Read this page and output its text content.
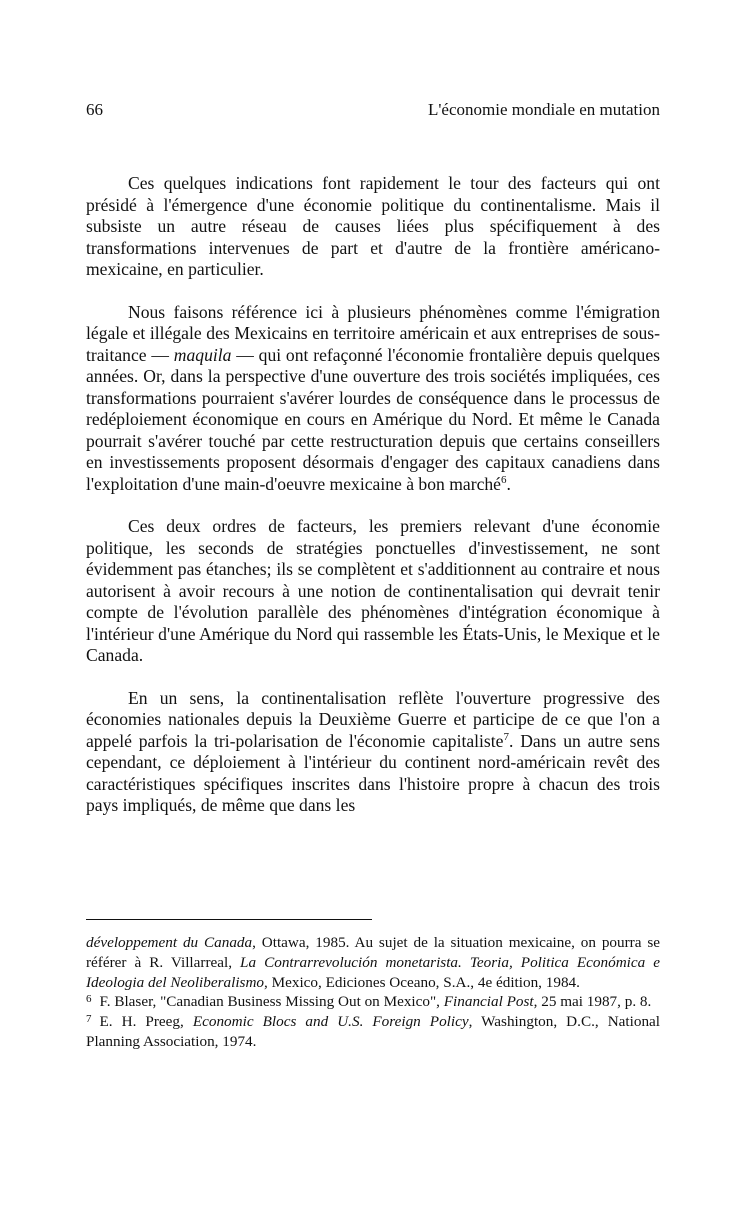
66	L'économie mondiale en mutation

Ces quelques indications font rapidement le tour des facteurs qui ont présidé à l'émergence d'une économie politique du continentalisme. Mais il subsiste un autre réseau de causes liées plus spécifiquement à des transformations intervenues de part et d'autre de la frontière américano-mexicaine, en particulier.

Nous faisons référence ici à plusieurs phénomènes comme l'émigration légale et illégale des Mexicains en territoire américain et aux entreprises de sous-traitance — maquila — qui ont refaçonné l'économie frontalière depuis quelques années. Or, dans la perspective d'une ouverture des trois sociétés impliquées, ces transformations pourraient s'avérer lourdes de conséquence dans le processus de redéploiement économique en cours en Amérique du Nord. Et même le Canada pourrait s'avérer touché par cette restructuration depuis que certains conseillers en investissements proposent désormais d'engager des capitaux canadiens dans l'exploitation d'une main-d'oeuvre mexicaine à bon marché$^6$.

Ces deux ordres de facteurs, les premiers relevant d'une économie politique, les seconds de stratégies ponctuelles d'investissement, ne sont évidemment pas étanches; ils se complètent et s'additionnent au contraire et nous autorisent à avoir recours à une notion de continentalisation qui devrait tenir compte de l'évolution parallèle des phénomènes d'intégration économique à l'intérieur d'une Amérique du Nord qui rassemble les États-Unis, le Mexique et le Canada.

En un sens, la continentalisation reflète l'ouverture progressive des économies nationales depuis la Deuxième Guerre et participe de ce que l'on a appelé parfois la tri-polarisation de l'économie capitaliste$^7$. Dans un autre sens cependant, ce déploiement à l'intérieur du continent nord-américain revêt des caractéristiques spécifiques inscrites dans l'histoire propre à chacun des trois pays impliqués, de même que dans les

développement du Canada, Ottawa, 1985. Au sujet de la situation mexicaine, on pourra se référer à R. Villarreal, La Contrarrevolución monetarista. Teoria, Politica Económica e Ideologia del Neoliberalismo, Mexico, Ediciones Oceano, S.A., 4e édition, 1984.

$^6$ F. Blaser, "Canadian Business Missing Out on Mexico", Financial Post, 25 mai 1987, p. 8.

$^7$ E. H. Preeg, Economic Blocs and U.S. Foreign Policy, Washington, D.C., National Planning Association, 1974.
